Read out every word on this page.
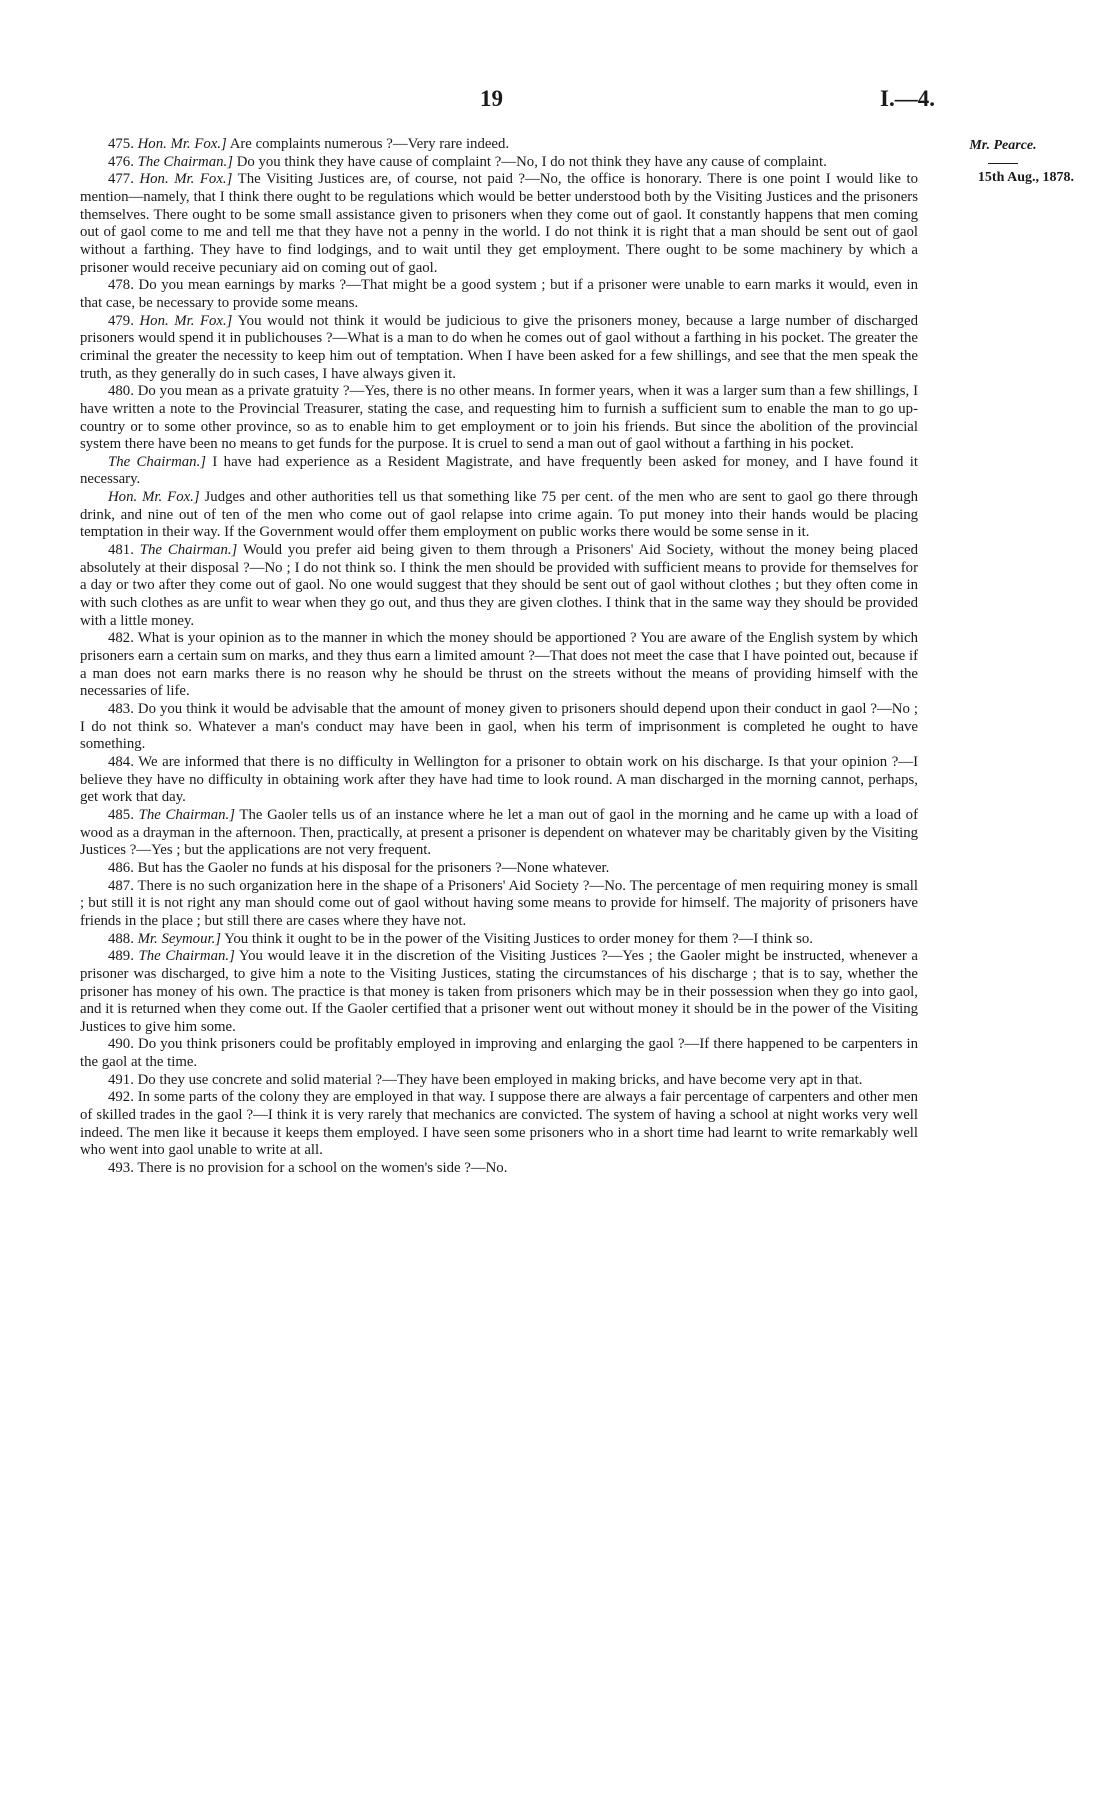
19	I.—4.
Mr. Pearce.
15th Aug., 1878.

475. Hon. Mr. Fox.] Are complaints numerous ?—Very rare indeed.

476. The Chairman.] Do you think they have cause of complaint ?—No, I do not think they have any cause of complaint.

477. Hon. Mr. Fox.] The Visiting Justices are, of course, not paid ?—No, the office is honorary. There is one point I would like to mention—namely, that I think there ought to be regulations which would be better understood both by the Visiting Justices and the prisoners themselves. There ought to be some small assistance given to prisoners when they come out of gaol. It constantly happens that men coming out of gaol come to me and tell me that they have not a penny in the world. I do not think it is right that a man should be sent out of gaol without a farthing. They have to find lodgings, and to wait until they get employment. There ought to be some machinery by which a prisoner would receive pecuniary aid on coming out of gaol.

478. Do you mean earnings by marks ?—That might be a good system ; but if a prisoner were unable to earn marks it would, even in that case, be necessary to provide some means.

479. Hon. Mr. Fox.] You would not think it would be judicious to give the prisoners money, because a large number of discharged prisoners would spend it in publichouses ?—What is a man to do when he comes out of gaol without a farthing in his pocket. The greater the criminal the greater the necessity to keep him out of temptation. When I have been asked for a few shillings, and see that the men speak the truth, as they generally do in such cases, I have always given it.

480. Do you mean as a private gratuity ?—Yes, there is no other means. In former years, when it was a larger sum than a few shillings, I have written a note to the Provincial Treasurer, stating the case, and requesting him to furnish a sufficient sum to enable the man to go up-country or to some other province, so as to enable him to get employment or to join his friends. But since the abolition of the provincial system there have been no means to get funds for the purpose. It is cruel to send a man out of gaol without a farthing in his pocket.

The Chairman.] I have had experience as a Resident Magistrate, and have frequently been asked for money, and I have found it necessary.

Hon. Mr. Fox.] Judges and other authorities tell us that something like 75 per cent. of the men who are sent to gaol go there through drink, and nine out of ten of the men who come out of gaol relapse into crime again. To put money into their hands would be placing temptation in their way. If the Government would offer them employment on public works there would be some sense in it.

481. The Chairman.] Would you prefer aid being given to them through a Prisoners' Aid Society, without the money being placed absolutely at their disposal ?—No ; I do not think so. I think the men should be provided with sufficient means to provide for themselves for a day or two after they come out of gaol. No one would suggest that they should be sent out of gaol without clothes ; but they often come in with such clothes as are unfit to wear when they go out, and thus they are given clothes. I think that in the same way they should be provided with a little money.

482. What is your opinion as to the manner in which the money should be apportioned ? You are aware of the English system by which prisoners earn a certain sum on marks, and they thus earn a limited amount ?—That does not meet the case that I have pointed out, because if a man does not earn marks there is no reason why he should be thrust on the streets without the means of providing himself with the necessaries of life.

483. Do you think it would be advisable that the amount of money given to prisoners should depend upon their conduct in gaol ?—No ; I do not think so. Whatever a man's conduct may have been in gaol, when his term of imprisonment is completed he ought to have something.

484. We are informed that there is no difficulty in Wellington for a prisoner to obtain work on his discharge. Is that your opinion ?—I believe they have no difficulty in obtaining work after they have had time to look round. A man discharged in the morning cannot, perhaps, get work that day.

485. The Chairman.] The Gaoler tells us of an instance where he let a man out of gaol in the morning and he came up with a load of wood as a drayman in the afternoon. Then, practically, at present a prisoner is dependent on whatever may be charitably given by the Visiting Justices ?—Yes ; but the applications are not very frequent.

486. But has the Gaoler no funds at his disposal for the prisoners ?—None whatever.

487. There is no such organization here in the shape of a Prisoners' Aid Society ?—No. The percentage of men requiring money is small ; but still it is not right any man should come out of gaol without having some means to provide for himself. The majority of prisoners have friends in the place ; but still there are cases where they have not.

488. Mr. Seymour.] You think it ought to be in the power of the Visiting Justices to order money for them ?—I think so.

489. The Chairman.] You would leave it in the discretion of the Visiting Justices ?—Yes ; the Gaoler might be instructed, whenever a prisoner was discharged, to give him a note to the Visiting Justices, stating the circumstances of his discharge ; that is to say, whether the prisoner has money of his own. The practice is that money is taken from prisoners which may be in their possession when they go into gaol, and it is returned when they come out. If the Gaoler certified that a prisoner went out without money it should be in the power of the Visiting Justices to give him some.

490. Do you think prisoners could be profitably employed in improving and enlarging the gaol ?—If there happened to be carpenters in the gaol at the time.

491. Do they use concrete and solid material ?—They have been employed in making bricks, and have become very apt in that.

492. In some parts of the colony they are employed in that way. I suppose there are always a fair percentage of carpenters and other men of skilled trades in the gaol ?—I think it is very rarely that mechanics are convicted. The system of having a school at night works very well indeed. The men like it because it keeps them employed. I have seen some prisoners who in a short time had learnt to write remarkably well who went into gaol unable to write at all.

493. There is no provision for a school on the women's side ?—No.
